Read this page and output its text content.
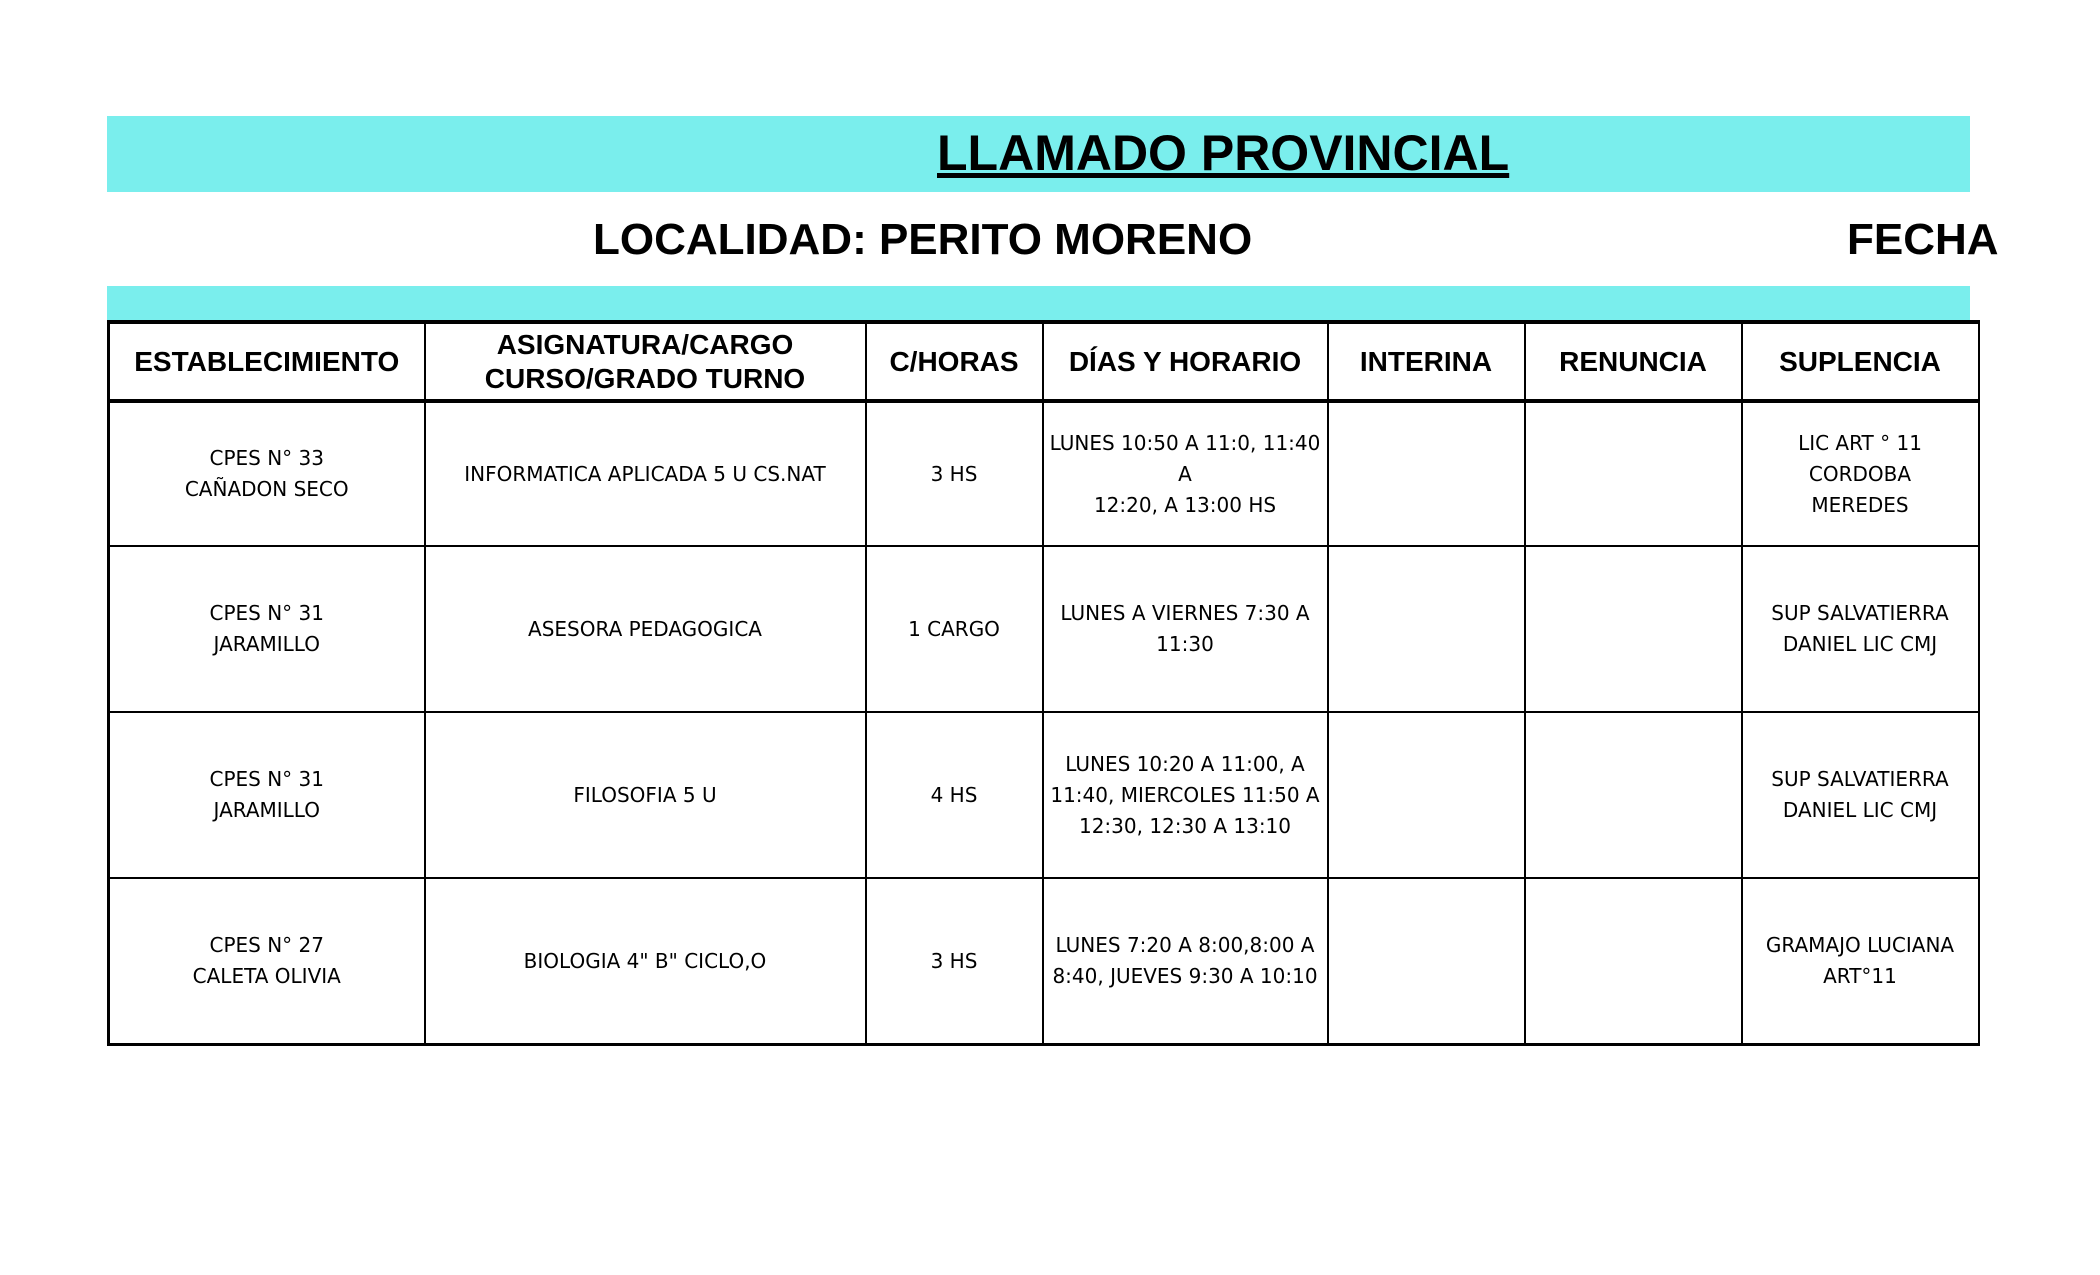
LLAMADO PROVINCIAL
LOCALIDAD: PERITO MORENO	FECHA
ESTABLECIMIENTO	ASIGNATURA/CARGO CURSO/GRADO TURNO	C/HORAS	DÍAS Y HORARIO	INTERINA	RENUNCIA	SUPLENCIA

CPES N° 33
CAÑADON SECO	INFORMATICA APLICADA 5 U CS.NAT	3 HS	LUNES 10:50 A 11:0, 11:40 A
12:20, A 13:00 HS			LIC ART ° 11 CORDOBA
MEREDES

CPES N° 31
JARAMILLO	ASESORA PEDAGOGICA	1 CARGO	LUNES A VIERNES 7:30 A
11:30			SUP SALVATIERRA
DANIEL LIC CMJ

CPES N° 31
JARAMILLO	FILOSOFIA 5 U	4 HS	LUNES 10:20 A 11:00, A
11:40, MIERCOLES 11:50 A
12:30, 12:30 A 13:10			SUP SALVATIERRA
DANIEL LIC CMJ

CPES N° 27
CALETA OLIVIA	BIOLOGIA 4" B" CICLO,O	3 HS	LUNES 7:20 A 8:00,8:00 A
8:40, JUEVES 9:30 A 10:10			GRAMAJO LUCIANA
ART°11
